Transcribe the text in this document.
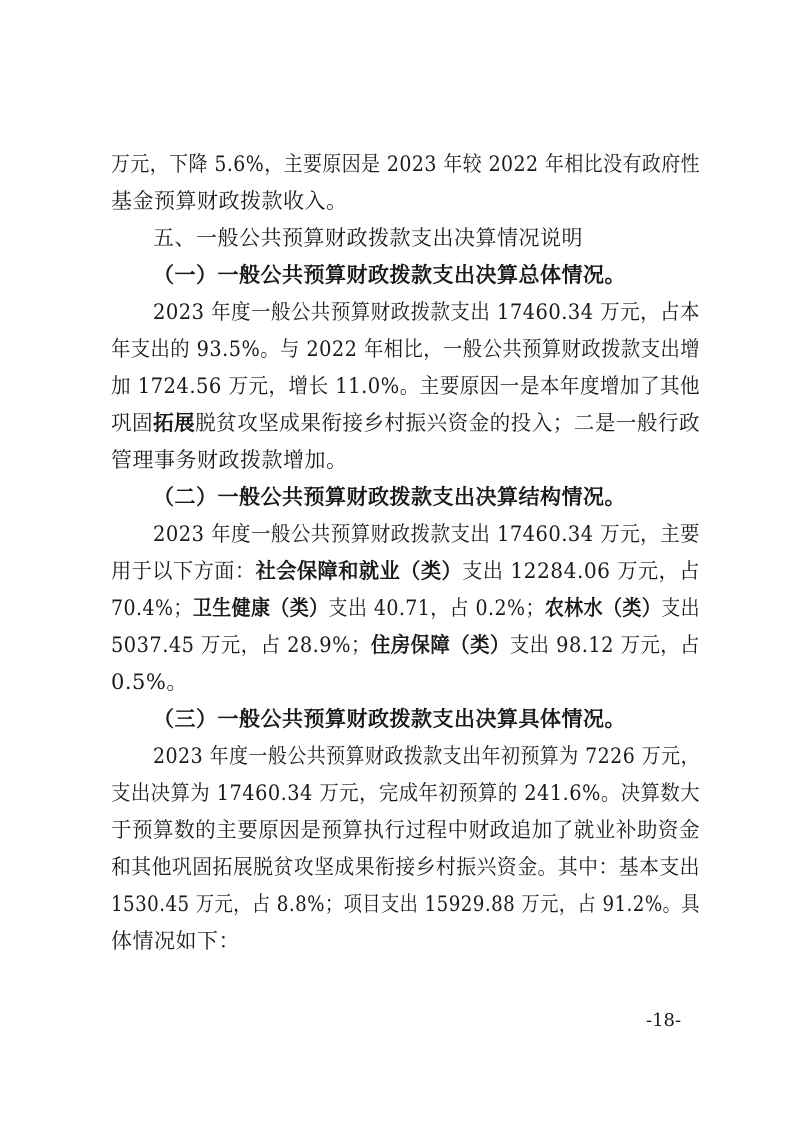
万元，下降 5.6%，主要原因是 2023 年较 2022 年相比没有政府性
基金预算财政拨款收入。
五、一般公共预算财政拨款支出决算情况说明
（一）一般公共预算财政拨款支出决算总体情况。
2023 年度一般公共预算财政拨款支出 17460.34 万元，占本
年支出的 93.5%。与 2022 年相比，一般公共预算财政拨款支出增
加 1724.56 万元，增长 11.0%。主要原因一是本年度增加了其他
巩固拓展脱贫攻坚成果衔接乡村振兴资金的投入；二是一般行政
管理事务财政拨款增加。
（二）一般公共预算财政拨款支出决算结构情况。
2023 年度一般公共预算财政拨款支出 17460.34 万元，主要
用于以下方面：社会保障和就业（类）支出 12284.06 万元，占
70.4%；卫生健康（类）支出 40.71，占 0.2%；农林水（类）支出
5037.45 万元，占 28.9%；住房保障（类）支出 98.12 万元，占
0.5%。
（三）一般公共预算财政拨款支出决算具体情况。
2023 年度一般公共预算财政拨款支出年初预算为 7226 万元，
支出决算为 17460.34 万元，完成年初预算的 241.6%。决算数大
于预算数的主要原因是预算执行过程中财政追加了就业补助资金
和其他巩固拓展脱贫攻坚成果衔接乡村振兴资金。其中：基本支出
1530.45 万元，占 8.8%；项目支出 15929.88 万元，占 91.2%。具
体情况如下：
-18-
